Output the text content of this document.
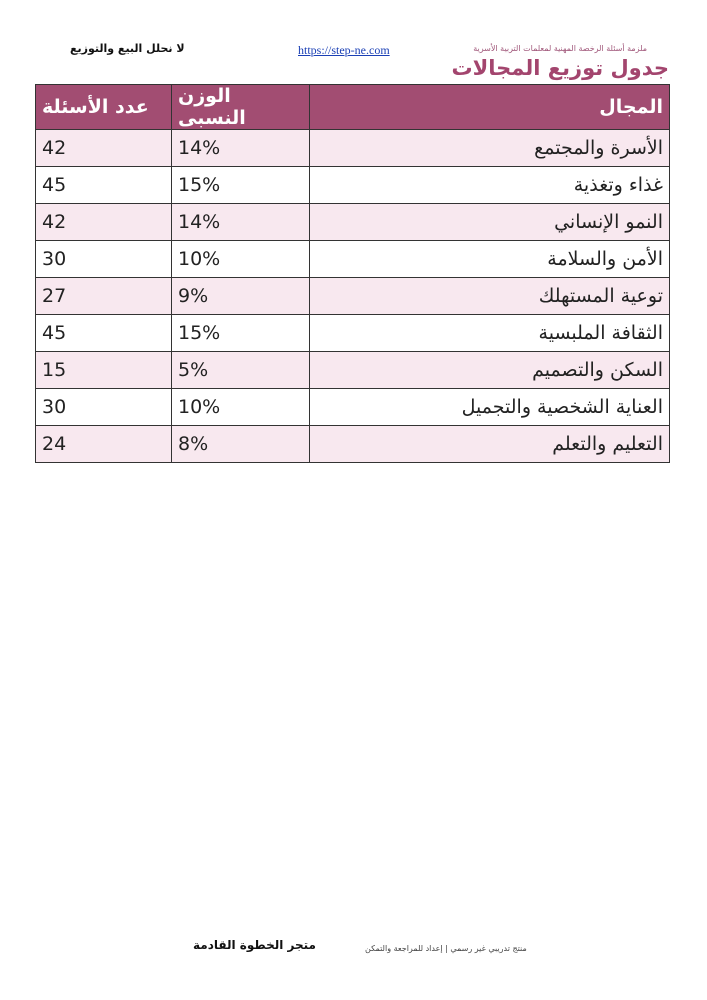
لا نحلل البيع والتوزيع	https://step-ne.com	ملزمة أسئلة الرخصة المهنية لمعلمات التربية الأسرية
جدول توزيع المجالات
المجال	الوزن النسبى	عدد الأسئلة
الأسرة والمجتمع	14%	42
غذاء وتغذية	15%	45
النمو الإنساني	14%	42
الأمن والسلامة	10%	30
توعية المستهلك	9%	27
الثقافة الملبسية	15%	45
السكن والتصميم	5%	15
العناية الشخصية والتجميل	10%	30
التعليم والتعلم	8%	24
متجر الخطوة القادمة	منتج تدريبي غير رسمي | إعداد للمراجعة والتمكن
